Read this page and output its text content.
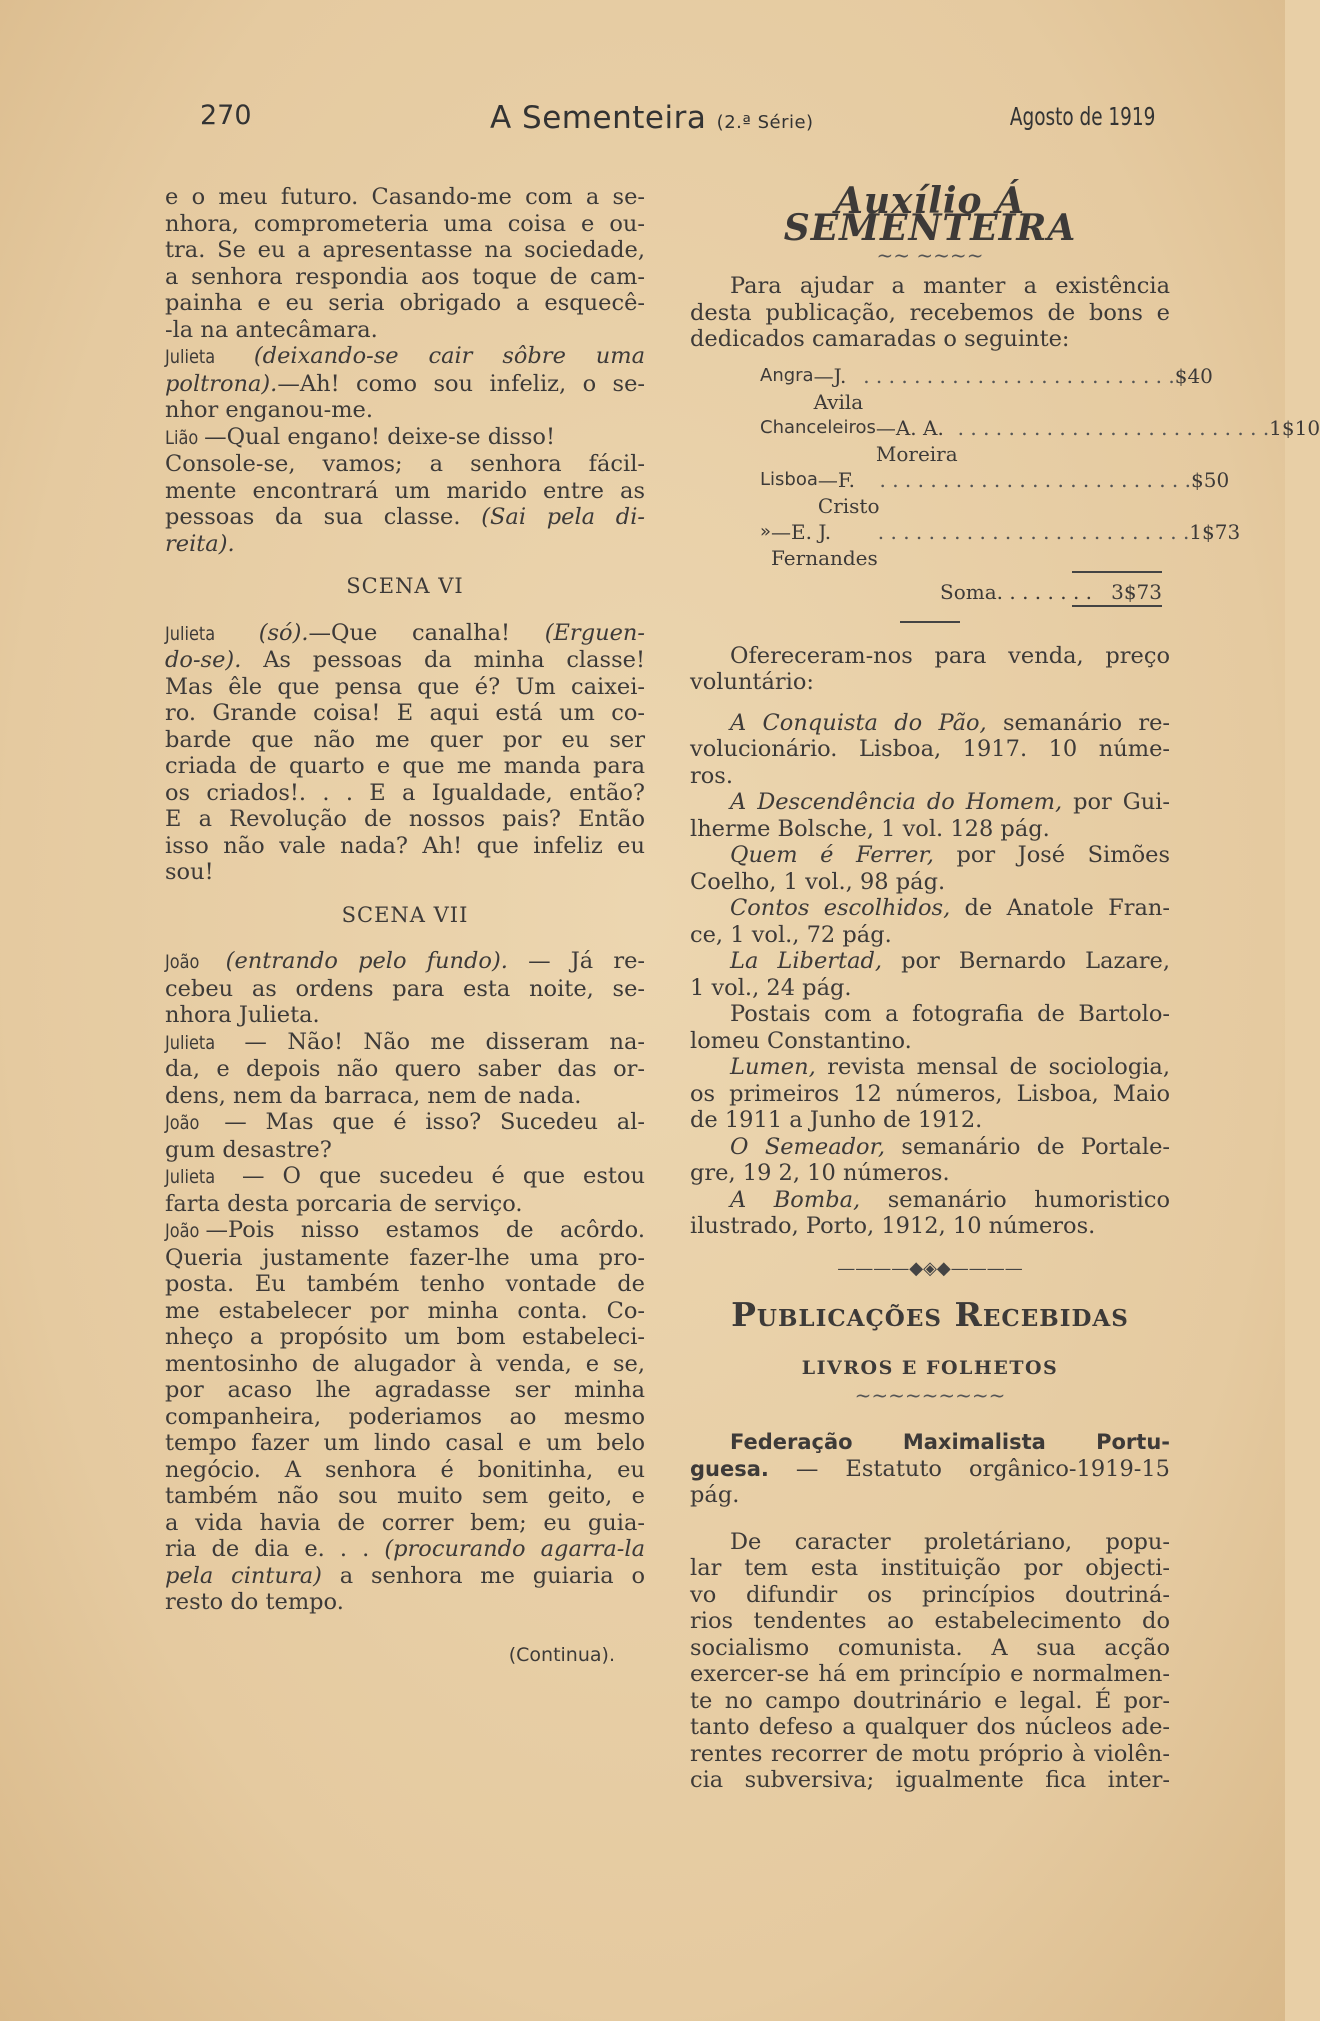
270	A Sementeira (2.ª Série)	Agosto de 1919

e o meu futuro. Casando-me com a se-

nhora, comprometeria uma coisa e ou-

tra. Se eu a apresentasse na sociedade,

a senhora respondia aos toque de cam-

painha e eu seria obrigado a esquecê-

-la na antecâmara.

Julieta (deixando-se cair sôbre uma

poltrona).—Ah! como sou infeliz, o se-

nhor enganou-me.

Lião —Qual engano! deixe-se disso!

Console-se, vamos; a senhora fácil-

mente encontrará um marido entre as

pessoas da sua classe. (Sai pela di-

reita).

SCENA VI

Julieta (só).—Que canalha! (Erguen-

do-se). As pessoas da minha classe!

Mas êle que pensa que é? Um caixei-

ro. Grande coisa! E aqui está um co-

barde que não me quer por eu ser

criada de quarto e que me manda para

os criados!. . . E a Igualdade, então?

E a Revolução de nossos pais? Então

isso não vale nada? Ah! que infeliz eu

sou!

SCENA VII

João (entrando pelo fundo). — Já re-

cebeu as ordens para esta noite, se-

nhora Julieta.

Julieta — Não! Não me disseram na-

da, e depois não quero saber das or-

dens, nem da barraca, nem de nada.

João — Mas que é isso? Sucedeu al-

gum desastre?

Julieta — O que sucedeu é que estou

farta desta porcaria de serviço.

João —Pois nisso estamos de acôrdo.

Queria justamente fazer-lhe uma pro-

posta. Eu também tenho vontade de

me estabelecer por minha conta. Co-

nheço a propósito um bom estabeleci-

mentosinho de alugador à venda, e se,

por acaso lhe agradasse ser minha

companheira, poderiamos ao mesmo

tempo fazer um lindo casal e um belo

negócio. A senhora é bonitinha, eu

também não sou muito sem geito, e

a vida havia de correr bem; eu guia-

ria de dia e. . . (procurando agarra-la

pela cintura) a senhora me guiaria o

resto do tempo.

(Continua).
Auxílio Á SEMENTEIRA
~~ ~~~~

Para ajudar a manter a existência

desta publicação, recebemos de bons e

dedicados camaradas o seguinte:

Angra —J. Avila
. . . . . . . . . . . . . . . . . . . . . . . . . $40
Chanceleiros —A. A. Moreira
. . . . . . . . . . . . . . . . . . . . . . . . . 1$10
Lisboa —F. Cristo
. . . . . . . . . . . . . . . . . . . . . . . . . $50
» —E. J. Fernandes
. . . . . . . . . . . . . . . . . . . . . . . . . 1$73
Soma . . . . . . . . 3$73

Ofereceram-nos para venda, preço

voluntário:

A Conquista do Pão, semanário re-

volucionário. Lisboa, 1917. 10 núme-

ros.

A Descendência do Homem, por Gui-

lherme Bolsche, 1 vol. 128 pág.

Quem é Ferrer, por José Simões

Coelho, 1 vol., 98 pág.

Contos escolhidos, de Anatole Fran-

ce, 1 vol., 72 pág.

La Libertad, por Bernardo Lazare,

1 vol., 24 pág.

Postais com a fotografia de Bartolo-

lomeu Constantino.

Lumen, revista mensal de sociologia,

os primeiros 12 números, Lisboa, Maio

de 1911 a Junho de 1912.

O Semeador, semanário de Portale-

gre, 19 2, 10 números.

A Bomba, semanário humoristico

ilustrado, Porto, 1912, 10 números.

————◆◈◆————
Publicações Recebidas
LIVROS E FOLHETOS
~~~~~~~~~

Federação Maximalista Portu-

guesa. — Estatuto orgânico-1919-15

pág.

De caracter proletáriano, popu-

lar tem esta instituição por objecti-

vo difundir os princípios doutriná-

rios tendentes ao estabelecimento do

socialismo comunista. A sua acção

exercer-se há em princípio e normalmen-

te no campo doutrinário e legal. É por-

tanto defeso a qualquer dos núcleos ade-

rentes recorrer de motu próprio à violên-

cia subversiva; igualmente fica inter-
